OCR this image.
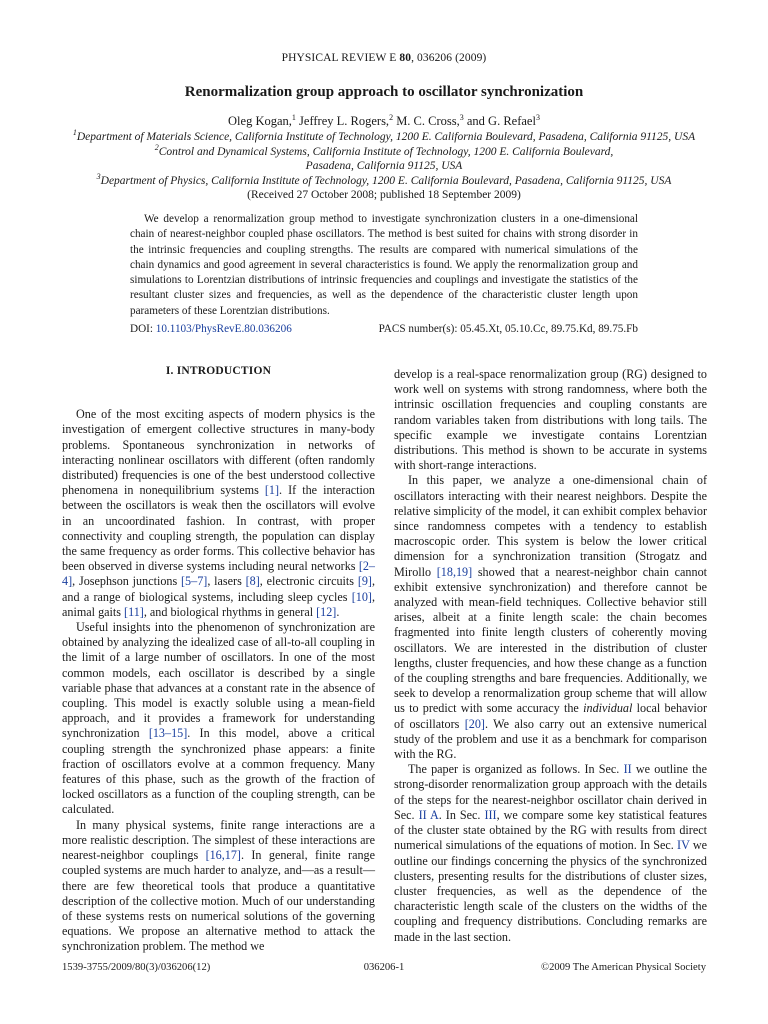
PHYSICAL REVIEW E 80, 036206 (2009)
Renormalization group approach to oscillator synchronization
Oleg Kogan,$^1$ Jeffrey L. Rogers,$^2$ M. C. Cross,$^3$ and G. Refael$^3$
$^1$Department of Materials Science, California Institute of Technology, 1200 E. California Boulevard, Pasadena, California 91125, USA
$^2$Control and Dynamical Systems, California Institute of Technology, 1200 E. California Boulevard,
Pasadena, California 91125, USA
$^3$Department of Physics, California Institute of Technology, 1200 E. California Boulevard, Pasadena, California 91125, USA
(Received 27 October 2008; published 18 September 2009)
We develop a renormalization group method to investigate synchronization clusters in a one-dimensional chain of nearest-neighbor coupled phase oscillators. The method is best suited for chains with strong disorder in the intrinsic frequencies and coupling strengths. The results are compared with numerical simulations of the chain dynamics and good agreement in several characteristics is found. We apply the renormalization group and simulations to Lorentzian distributions of intrinsic frequencies and couplings and investigate the statistics of the resultant cluster sizes and frequencies, as well as the dependence of the characteristic cluster length upon parameters of these Lorentzian distributions.
DOI: 10.1103/PhysRevE.80.036206	PACS number(s): 05.45.Xt, 05.10.Cc, 89.75.Kd, 89.75.Fb
I. INTRODUCTION

One of the most exciting aspects of modern physics is the investigation of emergent collective structures in many-body problems. Spontaneous synchronization in networks of interacting nonlinear oscillators with different (often randomly distributed) frequencies is one of the best understood collective phenomena in nonequilibrium systems [1]. If the interaction between the oscillators is weak then the oscillators will evolve in an uncoordinated fashion. In contrast, with proper connectivity and coupling strength, the population can display the same frequency as order forms. This collective behavior has been observed in diverse systems including neural networks [2–4], Josephson junctions [5–7], lasers [8], electronic circuits [9], and a range of biological systems, including sleep cycles [10], animal gaits [11], and biological rhythms in general [12].

Useful insights into the phenomenon of synchronization are obtained by analyzing the idealized case of all-to-all coupling in the limit of a large number of oscillators. In one of the most common models, each oscillator is described by a single variable phase that advances at a constant rate in the absence of coupling. This model is exactly soluble using a mean-field approach, and it provides a framework for understanding synchronization [13–15]. In this model, above a critical coupling strength the synchronized phase appears: a finite fraction of oscillators evolve at a common frequency. Many features of this phase, such as the growth of the fraction of locked oscillators as a function of the coupling strength, can be calculated.

In many physical systems, finite range interactions are a more realistic description. The simplest of these interactions are nearest-neighbor couplings [16,17]. In general, finite range coupled systems are much harder to analyze, and—as a result—there are few theoretical tools that produce a quantitative description of the collective motion. Much of our understanding of these systems rests on numerical solutions of the governing equations. We propose an alternative method to attack the synchronization problem. The method we

develop is a real-space renormalization group (RG) designed to work well on systems with strong randomness, where both the intrinsic oscillation frequencies and coupling constants are random variables taken from distributions with long tails. The specific example we investigate contains Lorentzian distributions. This method is shown to be accurate in systems with short-range interactions.

In this paper, we analyze a one-dimensional chain of oscillators interacting with their nearest neighbors. Despite the relative simplicity of the model, it can exhibit complex behavior since randomness competes with a tendency to establish macroscopic order. This system is below the lower critical dimension for a synchronization transition (Strogatz and Mirollo [18,19] showed that a nearest-neighbor chain cannot exhibit extensive synchronization) and therefore cannot be analyzed with mean-field techniques. Collective behavior still arises, albeit at a finite length scale: the chain becomes fragmented into finite length clusters of coherently moving oscillators. We are interested in the distribution of cluster lengths, cluster frequencies, and how these change as a function of the coupling strengths and bare frequencies. Additionally, we seek to develop a renormalization group scheme that will allow us to predict with some accuracy the individual local behavior of oscillators [20]. We also carry out an extensive numerical study of the problem and use it as a benchmark for comparison with the RG.

The paper is organized as follows. In Sec. II we outline the strong-disorder renormalization group approach with the details of the steps for the nearest-neighbor oscillator chain derived in Sec. II A. In Sec. III, we compare some key statistical features of the cluster state obtained by the RG with results from direct numerical simulations of the equations of motion. In Sec. IV we outline our findings concerning the physics of the synchronized clusters, presenting results for the distributions of cluster sizes, cluster frequencies, as well as the dependence of the characteristic length scale of the clusters on the widths of the coupling and frequency distributions. Concluding remarks are made in the last section.

1539-3755/2009/80(3)/036206(12)	036206-1	©2009 The American Physical Society
